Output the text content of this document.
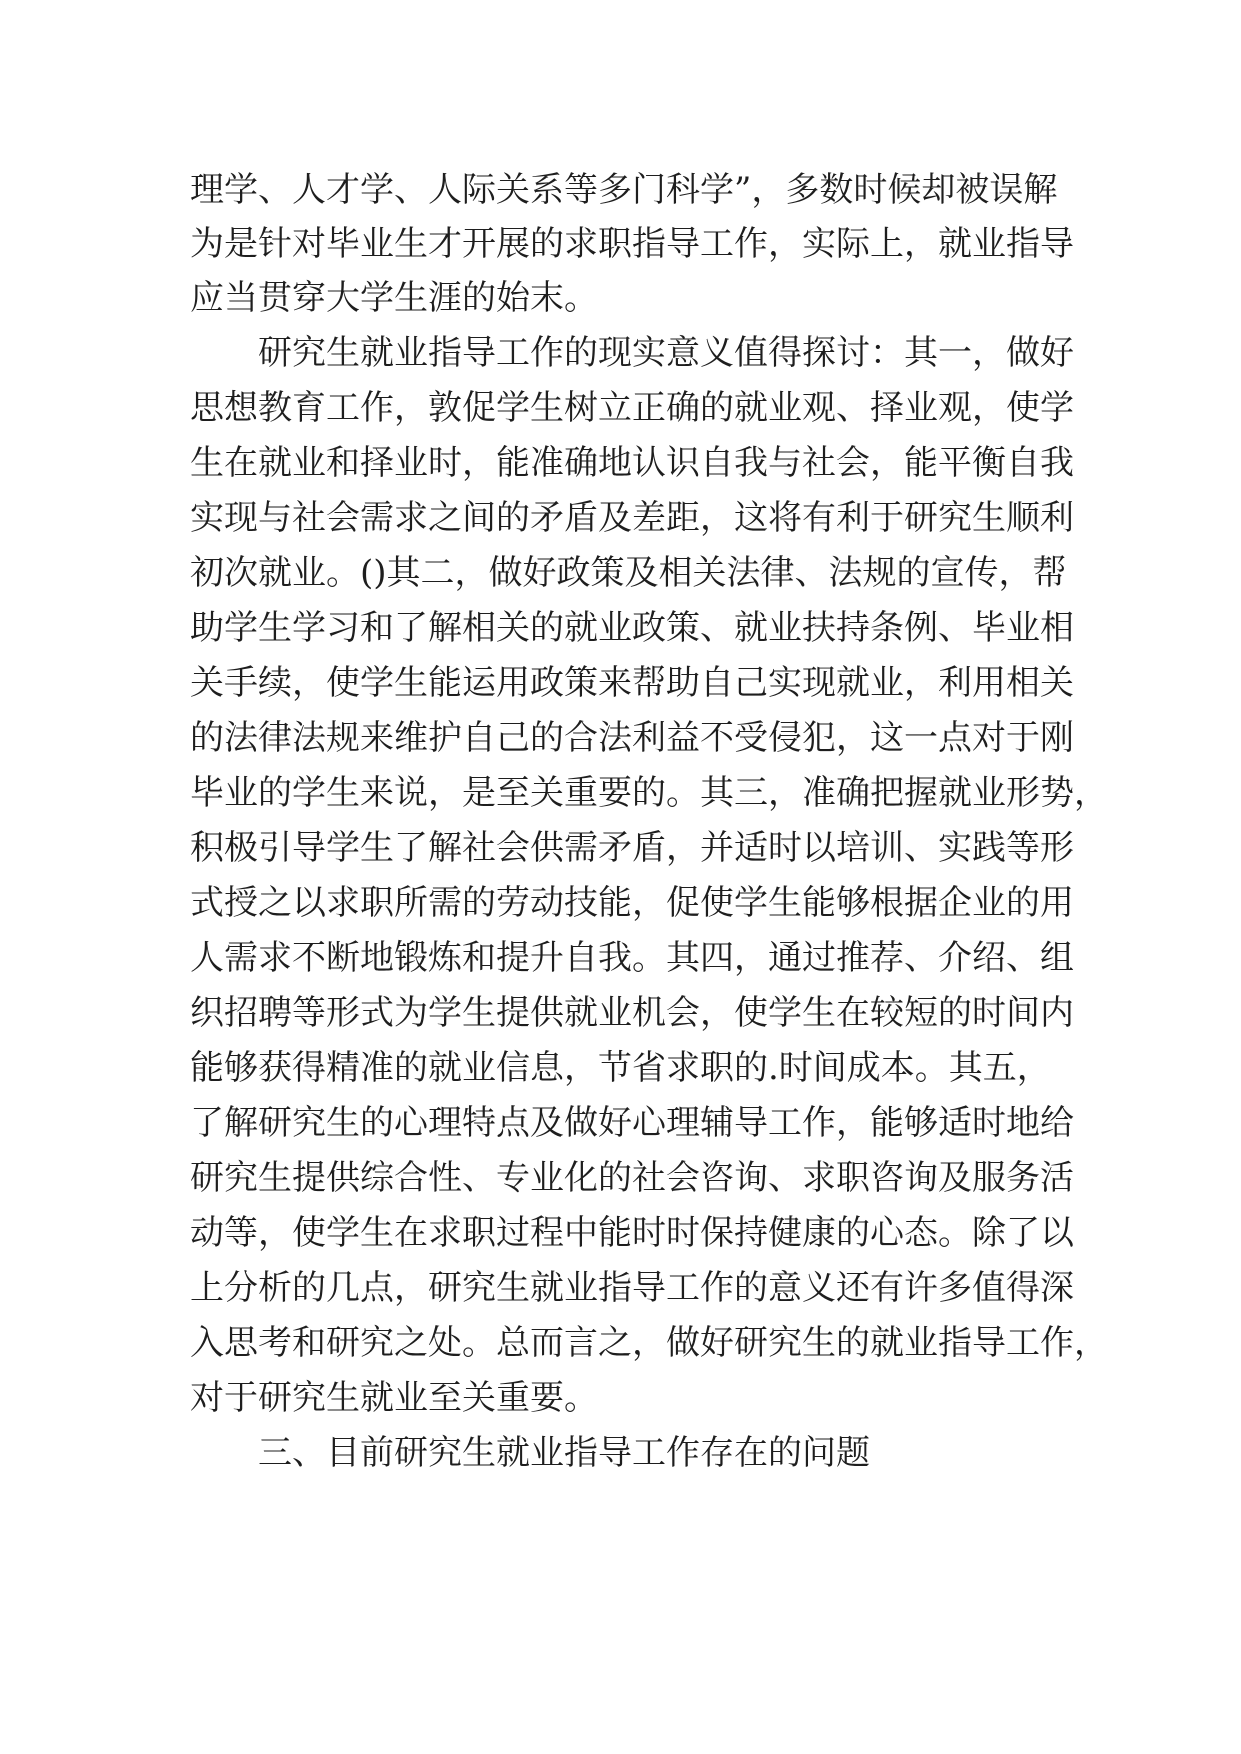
理学、人才学、人际关系等多门科学”，多数时候却被误解
为是针对毕业生才开展的求职指导工作，实际上，就业指导
应当贯穿大学生涯的始末。
研究生就业指导工作的现实意义值得探讨：其一，做好
思想教育工作，敦促学生树立正确的就业观、择业观，使学
生在就业和择业时，能准确地认识自我与社会，能平衡自我
实现与社会需求之间的矛盾及差距，这将有利于研究生顺利
初次就业。()其二，做好政策及相关法律、法规的宣传，帮
助学生学习和了解相关的就业政策、就业扶持条例、毕业相
关手续，使学生能运用政策来帮助自己实现就业，利用相关
的法律法规来维护自己的合法利益不受侵犯，这一点对于刚
毕业的学生来说，是至关重要的。其三，准确把握就业形势，
积极引导学生了解社会供需矛盾，并适时以培训、实践等形
式授之以求职所需的劳动技能，促使学生能够根据企业的用
人需求不断地锻炼和提升自我。其四，通过推荐、介绍、组
织招聘等形式为学生提供就业机会，使学生在较短的时间内
能够获得精准的就业信息，节省求职的.时间成本。其五，
了解研究生的心理特点及做好心理辅导工作，能够适时地给
研究生提供综合性、专业化的社会咨询、求职咨询及服务活
动等，使学生在求职过程中能时时保持健康的心态。除了以
上分析的几点，研究生就业指导工作的意义还有许多值得深
入思考和研究之处。总而言之，做好研究生的就业指导工作，
对于研究生就业至关重要。
三、目前研究生就业指导工作存在的问题
